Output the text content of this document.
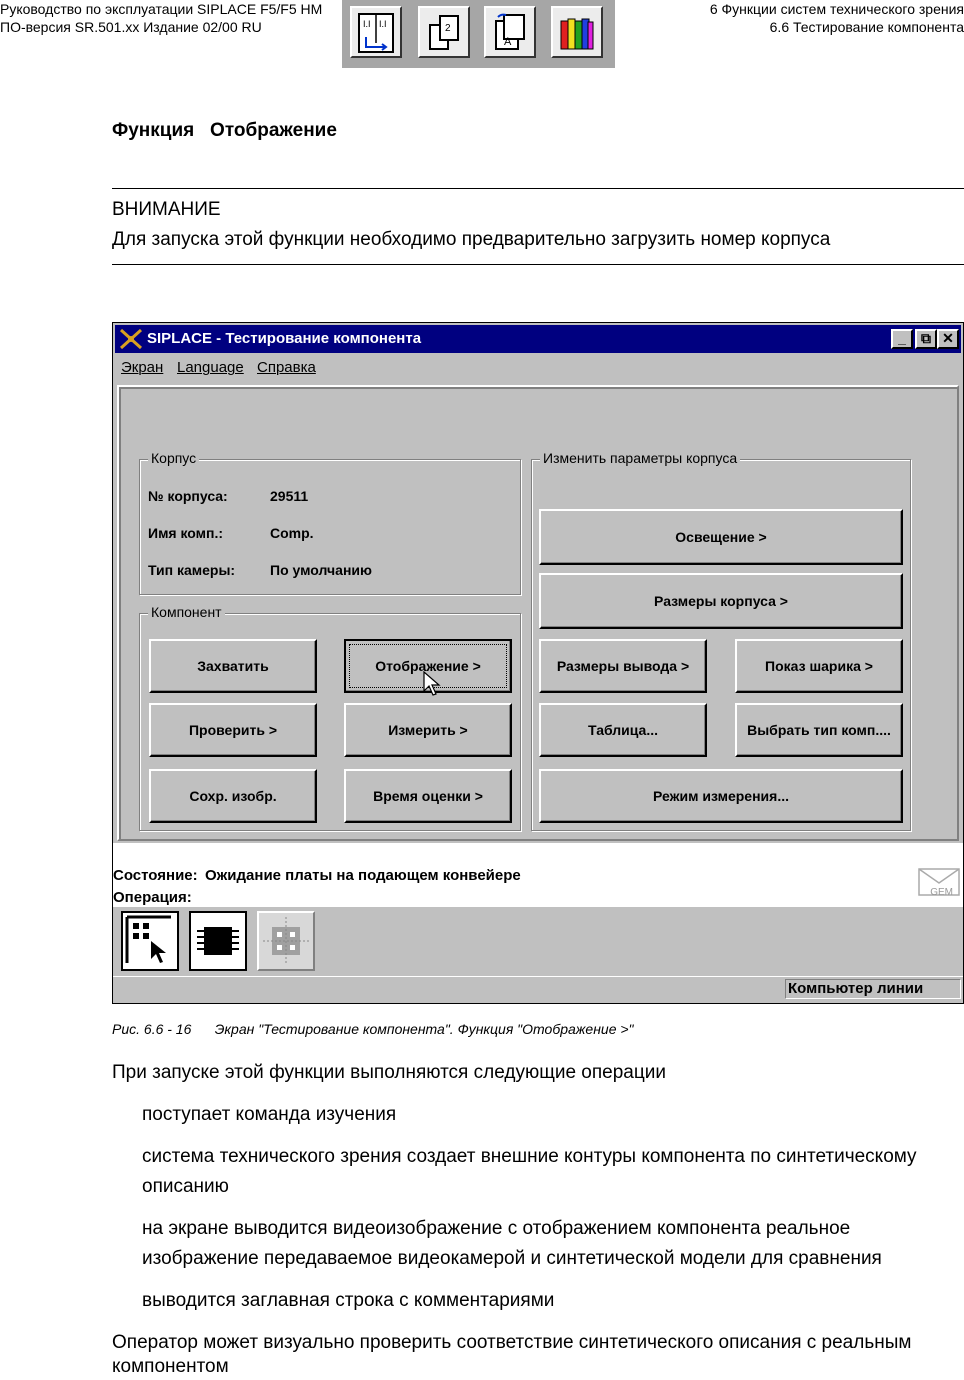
Руководство по эксплуатации SIPLACE F5/F5 HM
ПО-версия SR.501.xx Издание 02/00 RU
6 Функции систем технического зрения
6.6 Тестирование компонента
I.I I.I	2
A
Функция   Отображение
ВНИМАНИЕ
Для запуска этой функции необходимо предварительно загрузить номер корпуса
SIPLACE - Тестирование компонента	_	⧉ ✕
Экран Language Справка
Корпус
№ корпуса:	29511
Имя комп.:	Comp.
Тип камеры: По умолчанию
Компонент
Захватить	Отображение >
Проверить >	Измерить >
Сохр. изобр.	Время оценки >
Изменить параметры корпуса
Освещение >
Размеры корпуса >
Размеры вывода >	Показ шарика >
Таблица...	Выбрать тип комп....
Режим измерения...
Состояние: Ожидание платы на подающем конвейере
Операция:	GEM
Компьютер линии
Рис. 6.6 - 16      Экран "Тестирование компонента". Функция "Отображение >"
При запуске этой функции выполняются следующие операции
поступает команда изучения
система технического зрения создает внешние контуры компонента по синтетическому
описанию
на экране выводится видеоизображение с отображением компонента реальное
изображение передаваемое видеокамерой и синтетической модели для сравнения
выводится заглавная строка с комментариями
Оператор может визуально проверить соответствие синтетического описания с реальным
компонентом
